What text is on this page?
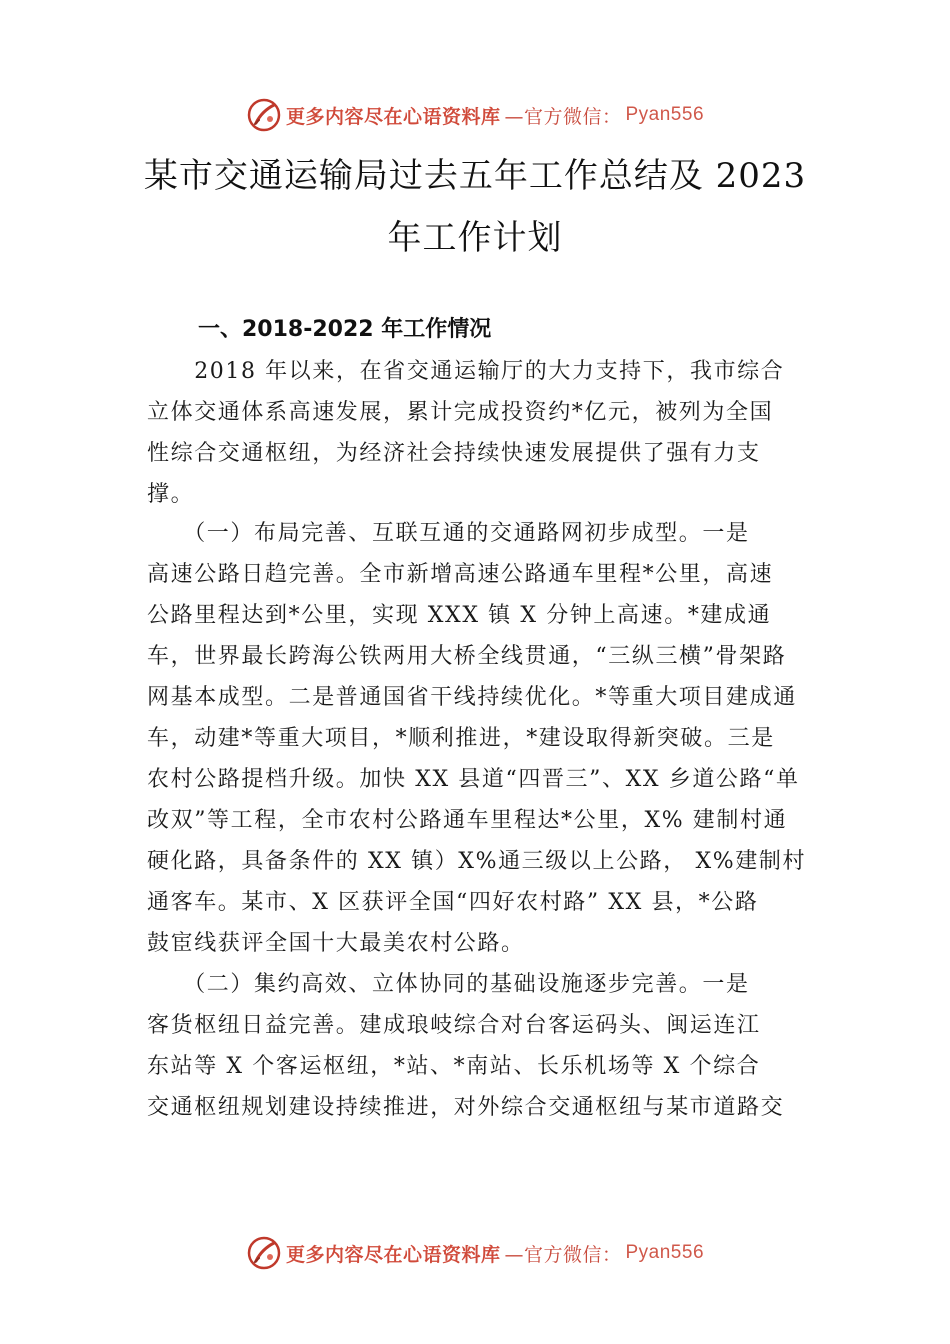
更多内容尽在心语资料库 —官方微信： Pyan556
某市交通运输局过去五年工作总结及 2023
年工作计划
一、2018-2022 年工作情况
　　2018 年以来，在省交通运输厅的大力支持下，我市综合
立体交通体系高速发展，累计完成投资约*亿元，被列为全国
性综合交通枢纽，为经济社会持续快速发展提供了强有力支
撑。
　　（一）布局完善、互联互通的交通路网初步成型。一是
高速公路日趋完善。全市新增高速公路通车里程*公里，高速
公路里程达到*公里，实现 XXX 镇 X 分钟上高速。*建成通
车，世界最长跨海公铁两用大桥全线贯通，“三纵三横”骨架路
网基本成型。二是普通国省干线持续优化。*等重大项目建成通
车，动建*等重大项目，*顺利推进，*建设取得新突破。三是
农村公路提档升级。加快 XX 县道“四晋三”、XX 乡道公路“单
改双”等工程，全市农村公路通车里程达*公里，X% 建制村通
硬化路，具备条件的 XX 镇）X%通三级以上公路， X%建制村
通客车。某市、X 区获评全国“四好农村路” XX 县，*公路
鼓宦线获评全国十大最美农村公路。
　　（二）集约高效、立体协同的基础设施逐步完善。一是
客货枢纽日益完善。建成琅岐综合对台客运码头、闽运连江
东站等 X 个客运枢纽，*站、*南站、长乐机场等 X 个综合
交通枢纽规划建设持续推进，对外综合交通枢纽与某市道路交
更多内容尽在心语资料库 —官方微信： Pyan556
